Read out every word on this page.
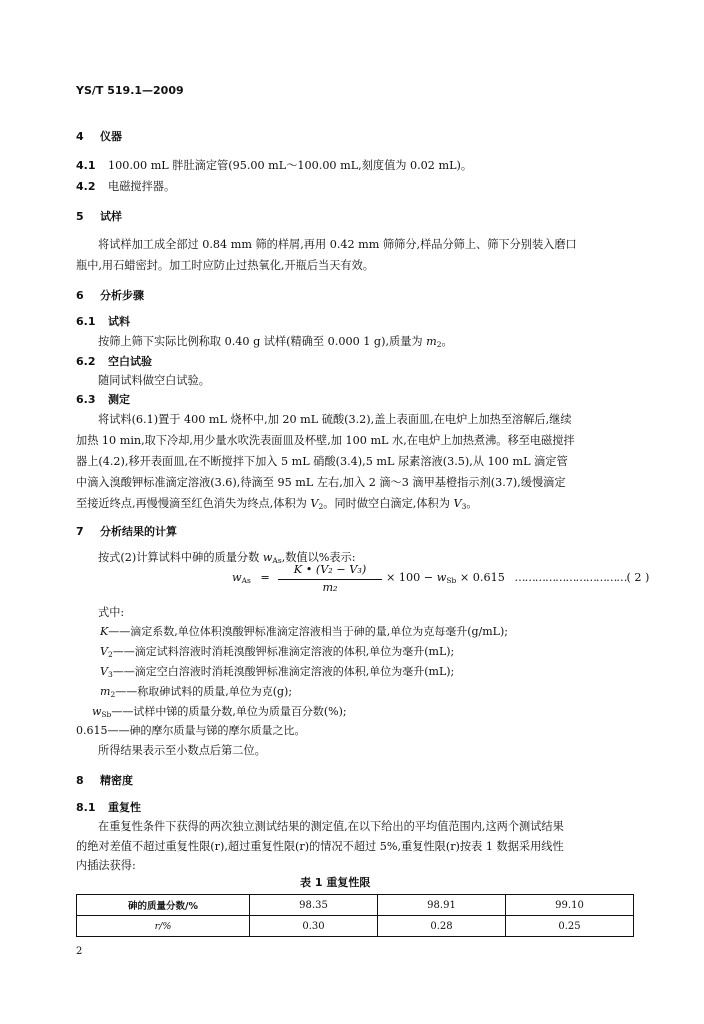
YS/T 519.1—2009
4 仪器
4.1 100.00 mL 胖肚滴定管(95.00 mL～100.00 mL,刻度值为 0.02 mL)。
4.2 电磁搅拌器。
5 试样
将试样加工成全部过 0.84 mm 筛的样屑,再用 0.42 mm 筛筛分,样品分筛上、筛下分别装入磨口
瓶中,用石蜡密封。加工时应防止过热氧化,开瓶后当天有效。
6 分析步骤
6.1 试料
按筛上筛下实际比例称取 0.40 g 试样(精确至 0.000 1 g),质量为 $m_2$。
6.2 空白试验
随同试料做空白试验。
6.3 测定
将试料(6.1)置于 400 mL 烧杯中,加 20 mL 硫酸(3.2),盖上表面皿,在电炉上加热至溶解后,继续
加热 10 min,取下冷却,用少量水吹洗表面皿及杯壁,加 100 mL 水,在电炉上加热煮沸。移至电磁搅拌
器上(4.2),移开表面皿,在不断搅拌下加入 5 mL 硝酸(3.4),5 mL 尿素溶液(3.5),从 100 mL 滴定管
中滴入溴酸钾标准滴定溶液(3.6),待滴至 95 mL 左右,加入 2 滴～3 滴甲基橙指示剂(3.7),缓慢滴定
至接近终点,再慢慢滴至红色消失为终点,体积为 $V_2$。同时做空白滴定,体积为 $V_3$。
7 分析结果的计算
按式(2)计算试料中砷的质量分数 $w_{As}$,数值以%表示:
$w_{As} = \frac{\text{K • (V₂ − V₃)}}{\text{m₂}} \times 100 - w_{Sb} \times 0.615$ ……………………………( 2 )
式中:
K——滴定系数,单位体积溴酸钾标准滴定溶液相当于砷的量,单位为克每毫升(g/mL);
$V_2——$滴定试料溶液时消耗溴酸钾标准滴定溶液的体积,单位为毫升(mL);
$V_3——$滴定空白溶液时消耗溴酸钾标准滴定溶液的体积,单位为毫升(mL);
$m_2——$称取砷试料的质量,单位为克(g);
$w_{Sb}——$试样中锑的质量分数,单位为质量百分数(%);
0.615——砷的摩尔质量与锑的摩尔质量之比。
所得结果表示至小数点后第二位。
8 精密度
8.1 重复性
在重复性条件下获得的两次独立测试结果的测定值,在以下给出的平均值范围内,这两个测试结果
的绝对差值不超过重复性限(r),超过重复性限(r)的情况不超过 5%,重复性限(r)按表 1 数据采用线性
内插法获得:
表 1 重复性限
砷的质量分数/%	98.35	98.91	99.10
r/%	0.30	0.28	0.25
2
